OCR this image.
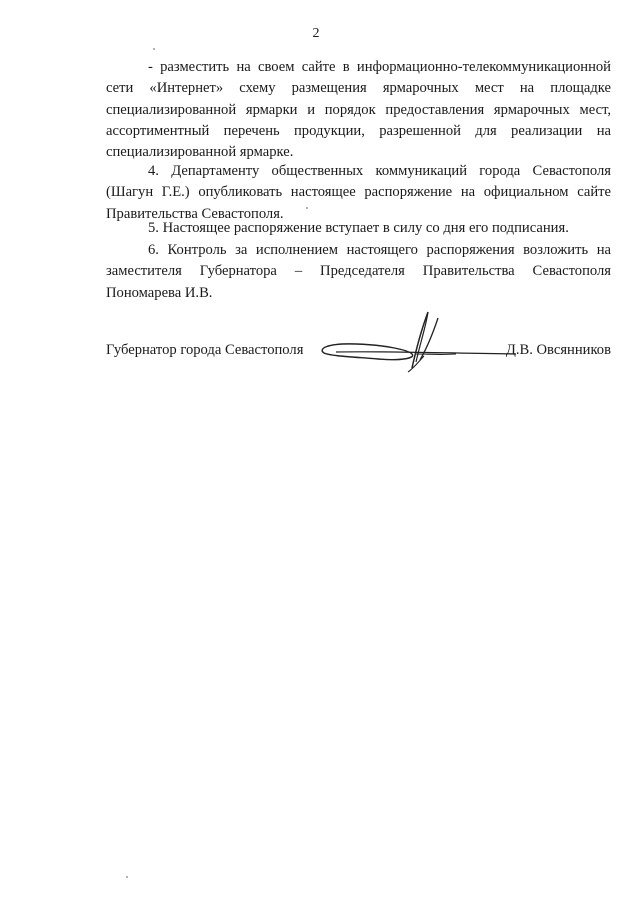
2

- разместить на своем сайте в информационно-телекоммуникационной сети «Интернет» схему размещения ярмарочных мест на площадке специализированной ярмарки и порядок предоставления ярмарочных мест, ассортиментный перечень продукции, разрешенной для реализации на специализированной ярмарке.

4. Департаменту общественных коммуникаций города Севастополя (Шагун Г.Е.) опубликовать настоящее распоряжение на официальном сайте Правительства Севастополя.

5. Настоящее распоряжение вступает в силу со дня его подписания.

6. Контроль за исполнением настоящего распоряжения возложить на заместителя Губернатора – Председателя Правительства Севастополя Пономарева И.В.

Губернатор города Севастополя	Д.В. Овсянников
